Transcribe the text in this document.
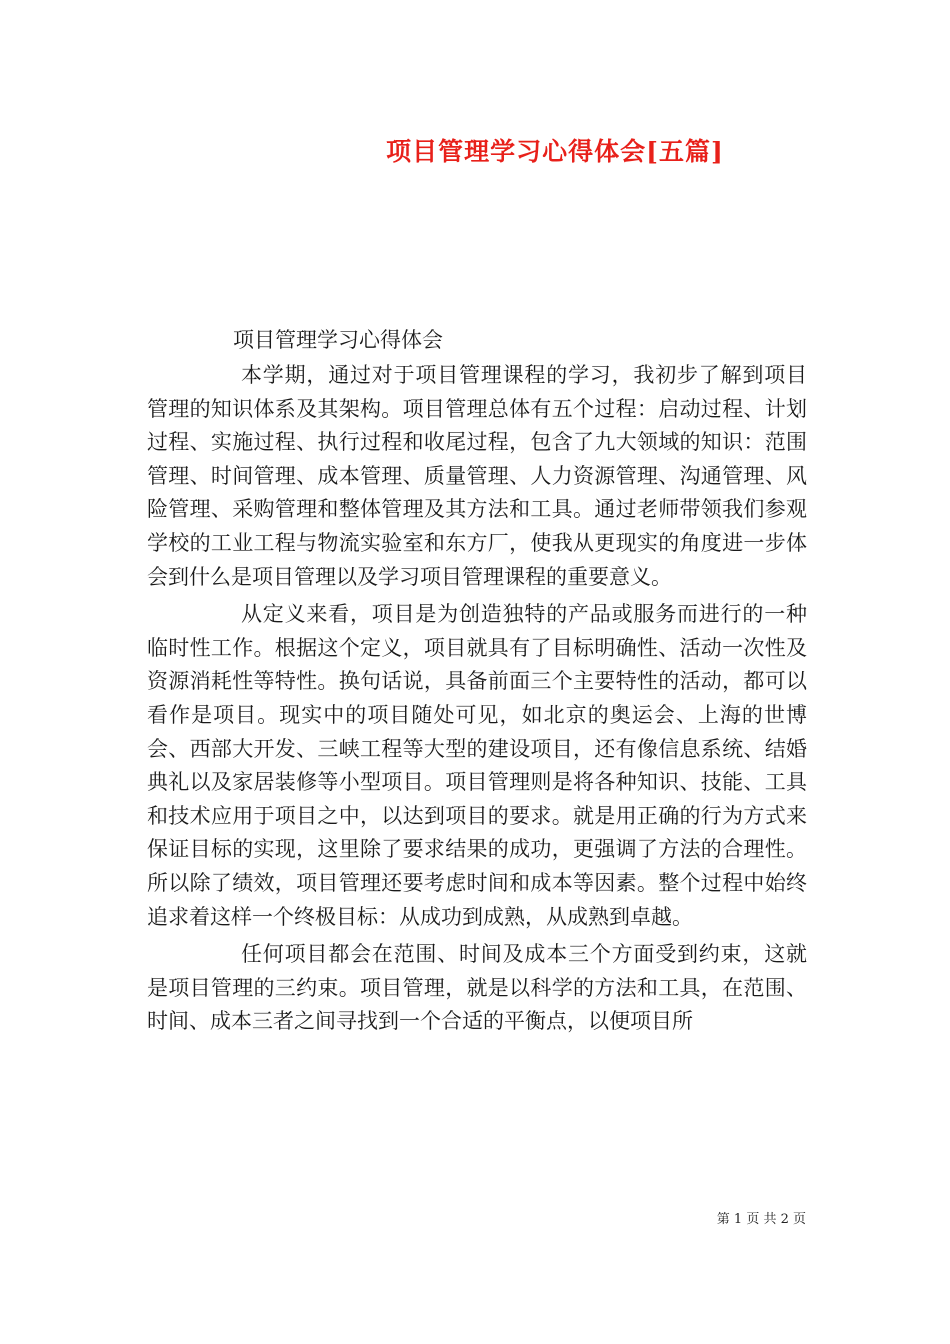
项目管理学习心得体会[五篇]
项目管理学习心得体会

本学期，通过对于项目管理课程的学习，我初步了解到项目管理的知识体系及其架构。项目管理总体有五个过程：启动过程、计划过程、实施过程、执行过程和收尾过程，包含了九大领域的知识：范围管理、时间管理、成本管理、质量管理、人力资源管理、沟通管理、风险管理、采购管理和整体管理及其方法和工具。通过老师带领我们参观学校的工业工程与物流实验室和东方厂，使我从更现实的角度进一步体会到什么是项目管理以及学习项目管理课程的重要意义。

从定义来看，项目是为创造独特的产品或服务而进行的一种临时性工作。根据这个定义，项目就具有了目标明确性、活动一次性及资源消耗性等特性。换句话说，具备前面三个主要特性的活动，都可以看作是项目。现实中的项目随处可见，如北京的奥运会、上海的世博会、西部大开发、三峡工程等大型的建设项目，还有像信息系统、结婚典礼以及家居装修等小型项目。项目管理则是将各种知识、技能、工具和技术应用于项目之中，以达到项目的要求。就是用正确的行为方式来保证目标的实现，这里除了要求结果的成功，更强调了方法的合理性。所以除了绩效，项目管理还要考虑时间和成本等因素。整个过程中始终追求着这样一个终极目标：从成功到成熟，从成熟到卓越。

任何项目都会在范围、时间及成本三个方面受到约束，这就是项目管理的三约束。项目管理，就是以科学的方法和工具，在范围、时间、成本三者之间寻找到一个合适的平衡点，以便项目所

第 1 页 共 2 页
